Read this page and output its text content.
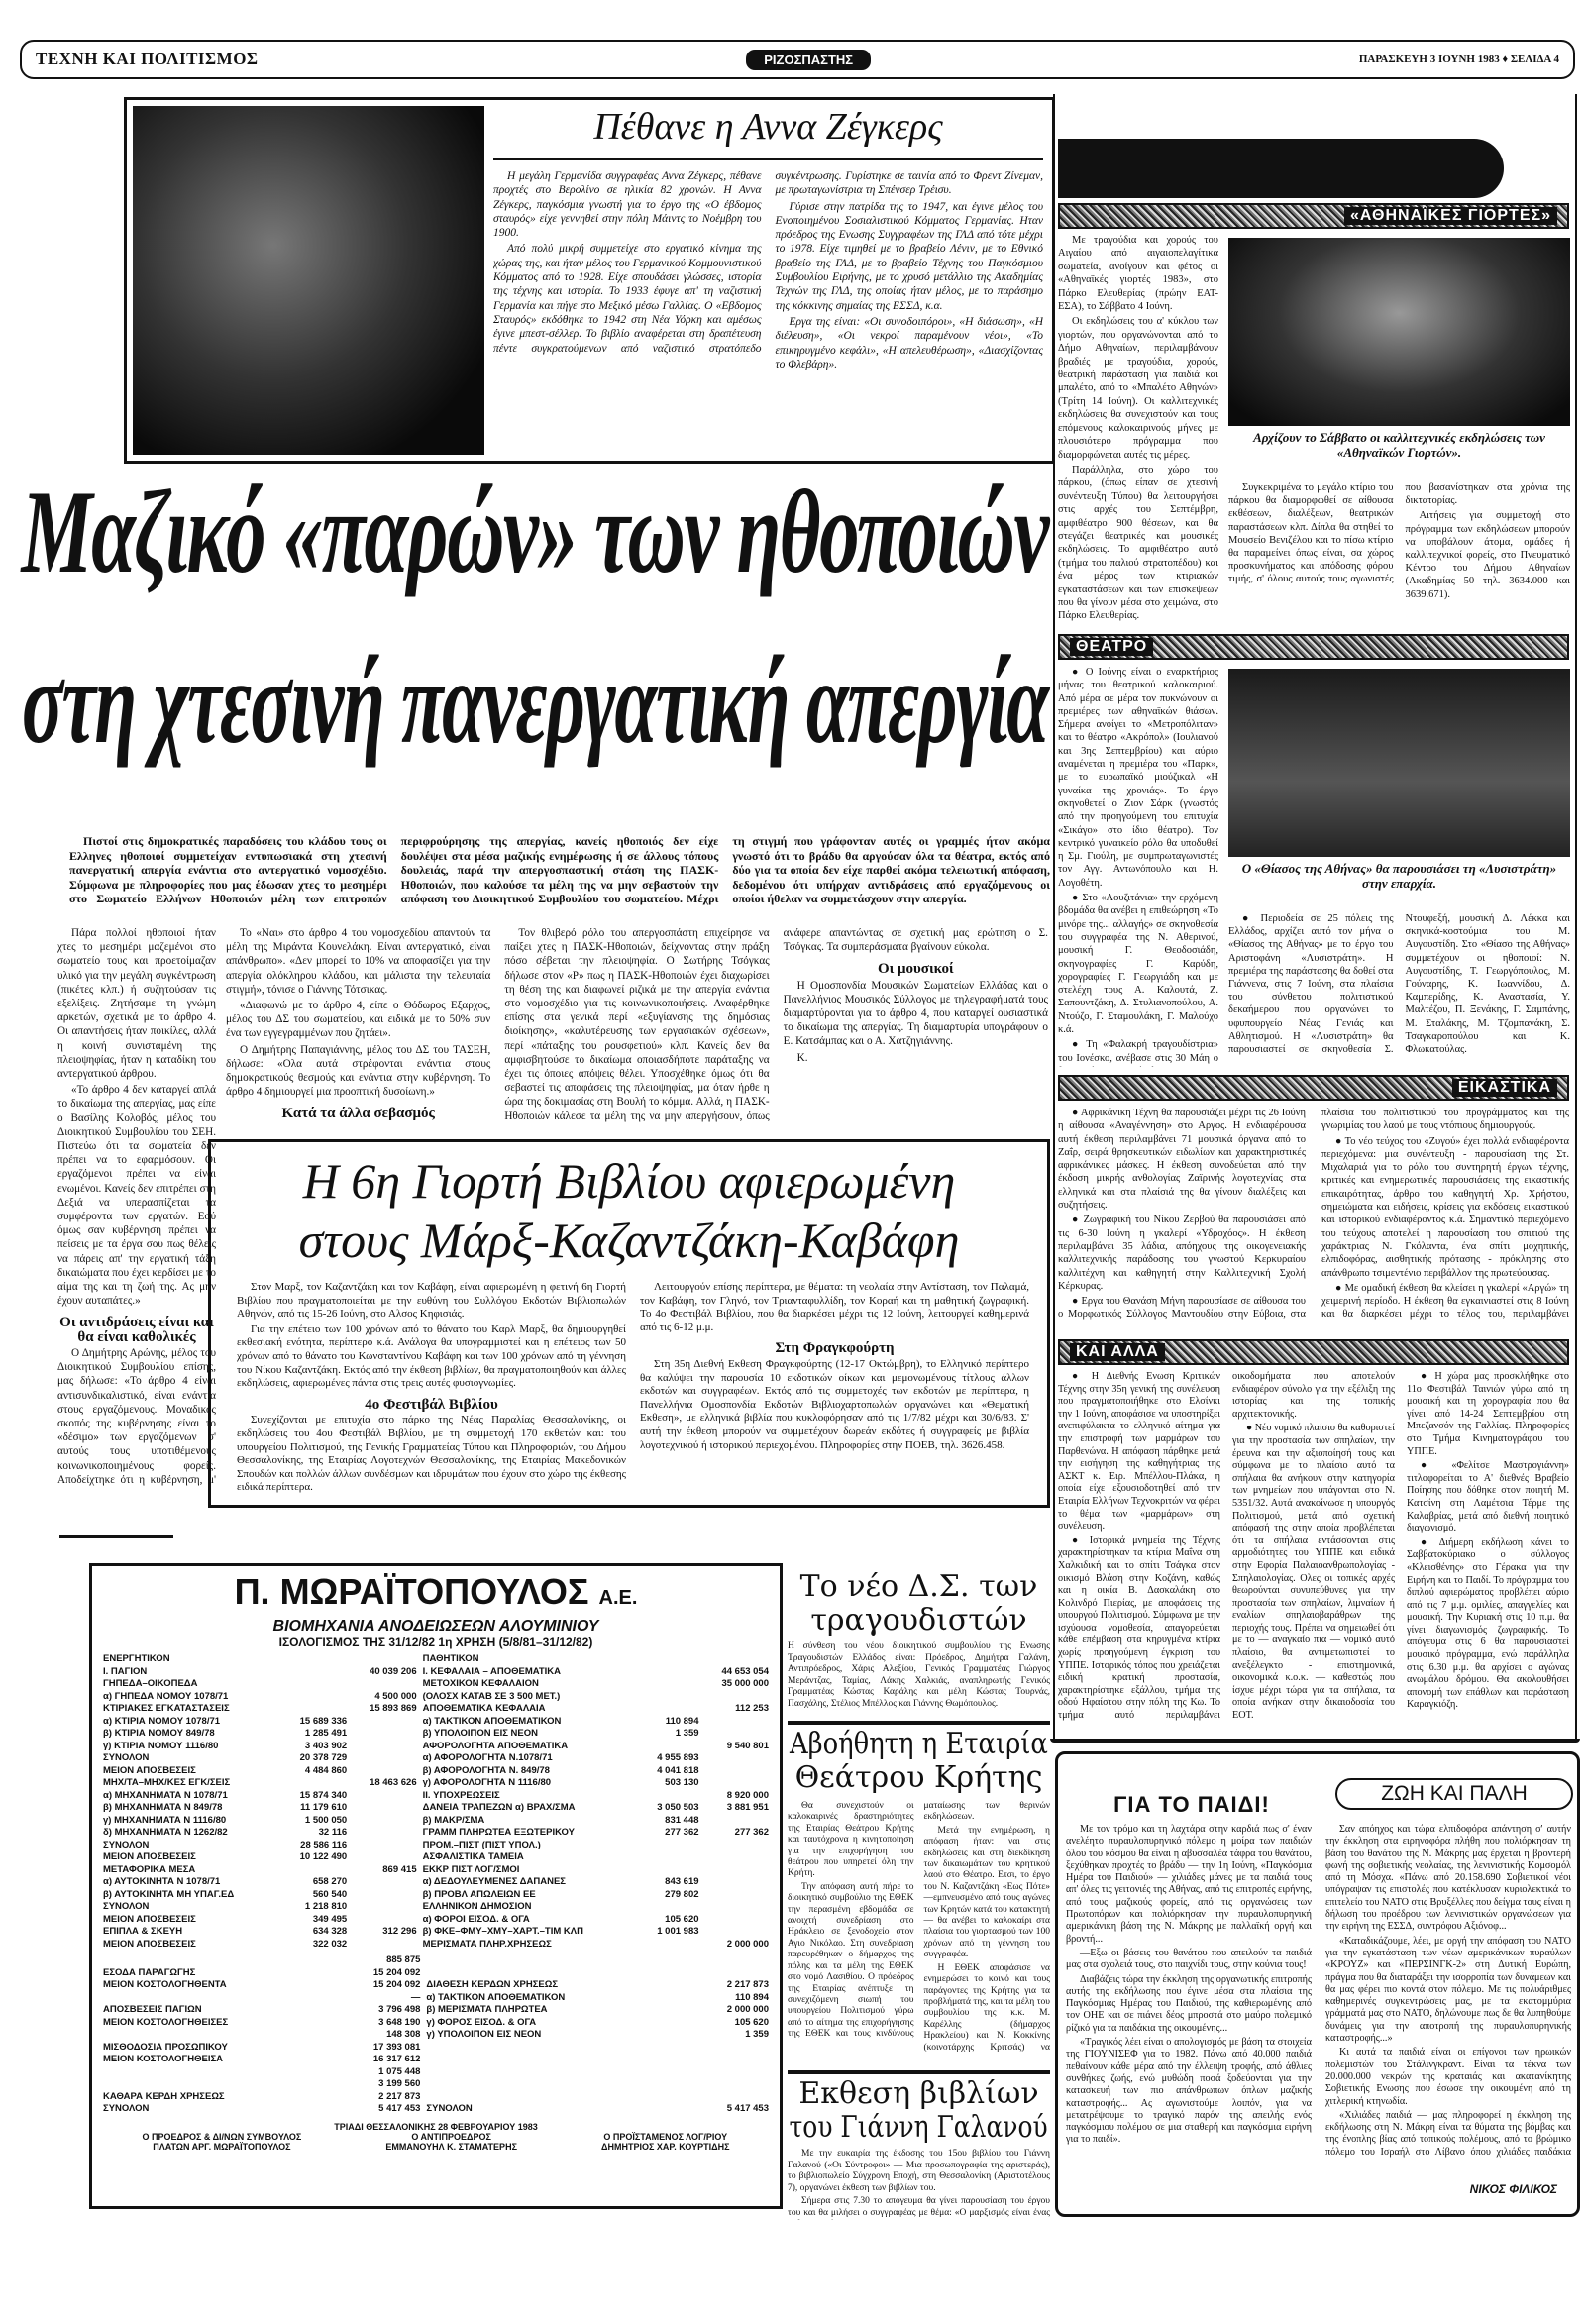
ΤΕΧΝΗ ΚΑΙ ΠΟΛΙΤΙΣΜΟΣ	ΡΙΖΟΣΠΑΣΤΗΣ	ΠΑΡΑΣΚΕΥΗ 3 ΙΟΥΝΗ 1983 ♦ ΣΕΛΙΔΑ 4
Πέθανε η Αννα Ζέγκερς

Η μεγάλη Γερμανίδα συγγραφέας Αννα Ζέγκερς, πέθανε προχτές στο Βερολίνο σε ηλικία 82 χρονών. Η Αννα Ζέγκερς, παγκόσμια γνωστή για το έργο της «Ο έβδομος σταυρός» είχε γεννηθεί στην πόλη Μάιντς το Νοέμβρη του 1900.

Από πολύ μικρή συμμετείχε στο εργατικό κίνημα της χώρας της, και ήταν μέλος του Γερμανικού Κομμουνιστικού Κόμματος από το 1928. Είχε σπουδάσει γλώσσες, ιστορία της τέχνης και ιστορία. Το 1933 έφυγε απ' τη ναζιστική Γερμανία και πήγε στο Μεξικό μέσω Γαλλίας. Ο «Εβδομος Σταυρός» εκδόθηκε το 1942 στη Νέα Υόρκη και αμέσως έγινε μπεστ-σέλλερ. Το βιβλίο αναφέρεται στη δραπέτευση πέντε συγκρατούμενων από ναζιστικό στρατόπεδο συγκέντρωσης. Γυρίστηκε σε ταινία από το Φρεντ Ζίνεμαν, με πρωταγωνίστρια τη Σπένσερ Τρέισυ.

Γύρισε στην πατρίδα της το 1947, και έγινε μέλος του Ενοποιημένου Σοσιαλιστικού Κόμματος Γερμανίας. Ηταν πρόεδρος της Ενωσης Συγγραφέων της ΓΛΔ από τότε μέχρι το 1978. Είχε τιμηθεί με το βραβείο Λένιν, με το Εθνικό βραβείο της ΓΛΔ, με το βραβείο Τέχνης του Παγκόσμιου Συμβουλίου Ειρήνης, με το χρυσό μετάλλιο της Ακαδημίας Τεχνών της ΓΛΔ, της οποίας ήταν μέλος, με το παράσημο της κόκκινης σημαίας της ΕΣΣΔ, κ.α.

Εργα της είναι: «Οι συνοδοιπόροι», «Η διάσωση», «Η διέλευση», «Οι νεκροί παραμένουν νέοι», «Το επικηρυγμένο κεφάλι», «Η απελευθέρωση», «Διασχίζοντας το Φλεβάρη».

Μαζικό «παρών» των ηθοποιών
στη χτεσινή πανεργατική απεργία

Πιστοί στις δημοκρατικές παραδόσεις του κλάδου τους οι Ελληνες ηθοποιοί συμμετείχαν εντυπωσιακά στη χτεσινή πανεργατική απεργία ενάντια στο αντεργατικό νομοσχέδιο. Σύμφωνα με πληροφορίες που μας έδωσαν χτες το μεσημέρι στο Σωματείο Ελλήνων Ηθοποιών μέλη των επιτροπών περιφρούρησης της απεργίας, κανείς ηθοποιός δεν είχε δουλέψει στα μέσα μαζικής ενημέρωσης ή σε άλλους τόπους δουλειάς, παρά την απεργοσπαστική στάση της ΠΑΣΚ-Ηθοποιών, που καλούσε τα μέλη της να μην σεβαστούν την απόφαση του Διοικητικού Συμβουλίου του σωματείου. Μέχρι τη στιγμή που γράφονταν αυτές οι γραμμές ήταν ακόμα γνωστό ότι το βράδυ θα αργούσαν όλα τα θέατρα, εκτός από δύο για τα οποία δεν είχε παρθεί ακόμα τελειωτική απόφαση, δεδομένου ότι υπήρχαν αντιδράσεις από εργαζόμενους οι οποίοι ήθελαν να συμμετάσχουν στην απεργία.

Πάρα πολλοί ηθοποιοί ήταν χτες το μεσημέρι μαζεμένοι στο σωματείο τους και προετοίμαζαν υλικό για την μεγάλη συγκέντρωση (πικέτες κλπ.) ή συζητούσαν τις εξελίξεις. Ζητήσαμε τη γνώμη αρκετών, σχετικά με το άρθρο 4. Οι απαντήσεις ήταν ποικίλες, αλλά η κοινή συνισταμένη της πλειοψηφίας, ήταν η καταδίκη του αντεργατικού άρθρου.

«Το άρθρο 4 δεν καταργεί απλά το δικαίωμα της απεργίας, μας είπε ο Βασίλης Κολοβός, μέλος του Διοικητικού Συμβουλίου του ΣΕΗ. Πιστεύω ότι τα σωματεία δεν πρέπει να το εφαρμόσουν. Οι εργαζόμενοι πρέπει να είναι ενωμένοι. Κανείς δεν επιτρέπει στη Δεξιά να υπερασπίζεται τα συμφέροντα των εργατών. Εσύ όμως σαν κυβέρνηση πρέπει να πείσεις με τα έργα σου πως θέλεις να πάρεις απ' την εργατική τάξη δικαιώματα που έχει κερδίσει με το αίμα της και τη ζωή της. Ας μην έχουν αυταπάτες.»

Οι αντιδράσεις είναι και θα είναι καθολικές

Ο Δημήτρης Αρώνης, μέλος του Διοικητικού Συμβουλίου επίσης, μας δήλωσε: «Το άρθρο 4 είναι αντισυνδικαλιστικό, είναι ενάντια στους εργαζόμενους. Μοναδικός σκοπός της κυβέρνησης είναι το «δέσιμο» των εργαζόμενων σ' αυτούς τους υποτιθέμενους κοινωνικοποιημένους φορείς. Αποδείχτηκε ότι η κυβέρνηση, μ'

Το «Ναι» στο άρθρο 4 του νομοσχεδίου απαντούν τα μέλη της Μιράντα Κουνελάκη. Είναι αντεργατικό, είναι απάνθρωπο». «Δεν μπορεί το 10% να αποφασίζει για την απεργία ολόκληρου κλάδου, και μάλιστα την τελευταία στιγμή», τόνισε ο Γιάννης Τότσικας.

«Διαφωνώ με το άρθρο 4, είπε ο Θόδωρος Εξαρχος, μέλος του ΔΣ του σωματείου, και ειδικά με το 50% συν ένα των εγγεγραμμένων που ζητάει».

Ο Δημήτρης Παπαγιάννης, μέλος του ΔΣ του ΤΑΣΕΗ, δήλωσε: «Ολα αυτά στρέφονται ενάντια στους δημοκρατικούς θεσμούς και ενάντια στην κυβέρνηση. Το άρθρο 4 δημιουργεί μια προοπτική δυσοίωνη.»

Κατά τα άλλα σεβασμός

Τον θλιβερό ρόλο του απεργοσπάστη επιχείρησε να παίξει χτες η ΠΑΣΚ-Ηθοποιών, δείχνοντας στην πράξη πόσο σέβεται την πλειοψηφία. Ο Σωτήρης Τσόγκας δήλωσε στον «Ρ» πως η ΠΑΣΚ-Ηθοποιών έχει διαχωρίσει τη θέση της και διαφωνεί ριζικά με την απεργία ενάντια στο νομοσχέδιο για τις κοινωνικοποιήσεις. Αναφέρθηκε επίσης στα γενικά περί «εξυγίανσης της δημόσιας διοίκησης», «καλυτέρευσης των εργασιακών σχέσεων», περί «πάταξης του ρουσφετιού» κλπ. Κανείς δεν θα αμφισβητούσε το δικαίωμα οποιασδήποτε παράταξης να έχει τις όποιες απόψεις θέλει. Υποσχέθηκε όμως ότι θα σεβαστεί τις αποφάσεις της πλειοψηφίας, μα όταν ήρθε η ώρα της δοκιμασίας στη Βουλή το κόμμα. Αλλά, η ΠΑΣΚ-Ηθοποιών κάλεσε τα μέλη της να μην απεργήσουν, όπως ανάφερε απαντώντας σε σχετική μας ερώτηση ο Σ. Τσόγκας. Τα συμπεράσματα βγαίνουν εύκολα.

Οι μουσικοί

Η Ομοσπονδία Μουσικών Σωματείων Ελλάδας και ο Πανελλήνιος Μουσικός Σύλλογος με τηλεγραφήματά τους διαμαρτύρονται για το άρθρο 4, που καταργεί ουσιαστικά το δικαίωμα της απεργίας. Τη διαμαρτυρία υπογράφουν ο Ε. Κατσάμπας και ο Α. Χατζηγιάννης.

Κ.

Η 6η Γιορτή Βιβλίου αφιερωμένη
στους Μάρξ-Καζαντζάκη-Καβάφη

Στον Μαρξ, τον Καζαντζάκη και τον Καβάφη, είναι αφιερωμένη η φετινή 6η Γιορτή Βιβλίου που πραγματοποιείται με την ευθύνη του Συλλόγου Εκδοτών Βιβλιοπωλών Αθηνών, από τις 15-26 Ιούνη, στο Αλσος Κηφισιάς.

Για την επέτειο των 100 χρόνων από το θάνατο του Καρλ Μαρξ, θα δημιουργηθεί εκθεσιακή ενότητα, περίπτερο κ.ά. Ανάλογα θα υπογραμμιστεί και η επέτειος των 50 χρόνων από το θάνατο του Κωνσταντίνου Καβάφη και των 100 χρόνων από τη γέννηση του Νίκου Καζαντζάκη. Εκτός από την έκθεση βιβλίων, θα πραγματοποιηθούν και άλλες εκδηλώσεις, αφιερωμένες πάντα στις τρεις αυτές φυσιογνωμίες.

4ο Φεστιβάλ Βιβλίου

Συνεχίζονται με επιτυχία στο πάρκο της Νέας Παραλίας Θεσσαλονίκης, οι εκδηλώσεις του 4ου Φεστιβάλ Βιβλίου, με τη συμμετοχή 170 εκθετών και: του υπουργείου Πολιτισμού, της Γενικής Γραμματείας Τύπου και Πληροφοριών, του Δήμου Θεσσαλονίκης, της Εταιρίας Λογοτεχνών Θεσσαλονίκης, της Εταιρίας Μακεδονικών Σπουδών και πολλών άλλων συνδέσμων και ιδρυμάτων που έχουν στο χώρο της έκθεσης ειδικά περίπτερα.

Λειτουργούν επίσης περίπτερα, με θέματα: τη νεολαία στην Αντίσταση, τον Παλαμά, τον Καβάφη, τον Γληνό, τον Τριανταφυλλίδη, τον Κοραή και τη μαθητική ζωγραφική. Το 4ο Φεστιβάλ Βιβλίου, που θα διαρκέσει μέχρι τις 12 Ιούνη, λειτουργεί καθημερινά από τις 6-12 μ.μ.

Στη Φραγκφούρτη

Στη 35η Διεθνή Εκθεση Φραγκφούρτης (12-17 Οκτώμβρη), το Ελληνικό περίπτερο θα καλύψει την παρουσία 10 εκδοτικών οίκων και μεμονωμένους τίτλους άλλων εκδοτών και συγγραφέων. Εκτός από τις συμμετοχές των εκδοτών με περίπτερα, η Πανελλήνια Ομοσπονδία Εκδοτών Βιβλιοχαρτοπωλών οργανώνει και «Θεματική Εκθεση», με ελληνικά βιβλία που κυκλοφόρησαν από τις 1/7/82 μέχρι και 30/6/83. Σ' αυτή την έκθεση μπορούν να συμμετέχουν δωρεάν εκδότες ή συγγραφείς με βιβλία λογοτεχνικού ή ιστορικού περιεχομένου. Πληροφορίες στην ΠΟΕΒ, τηλ. 3626.458.

Π. ΜΩΡΑΪΤΟΠΟΥΛΟΣ Α.Ε.
ΒΙΟΜΗΧΑΝΙΑ ΑΝΟΔΕΙΩΣΕΩΝ ΑΛΟΥΜΙΝΙΟΥ
ΙΣΟΛΟΓΙΣΜΟΣ ΤΗΣ 31/12/82 1η ΧΡΗΣΗ (5/8/81–31/12/82)
ΕΝΕΡΓΗΤΙΚΟΝ			ΠΑΘΗΤΙΚΟΝ		
I. ΠΑΓΙΟΝ		40 039 206	I. ΚΕΦΑΛΑΙΑ – ΑΠΟΘΕΜΑΤΙΚΑ		44 653 054
ΓΗΠΕΔΑ–ΟΙΚΟΠΕΔΑ			ΜΕΤΟΧΙΚΟΝ ΚΕΦΑΛΑΙΟΝ		35 000 000
α) ΓΗΠΕΔΑ ΝΟΜΟΥ 1078/71		4 500 000	(ΟΛΟΣΧ ΚΑΤΑΒ ΣΕ 3 500 ΜΕΤ.)		
ΚΤΙΡΙΑΚΕΣ ΕΓΚΑΤΑΣΤΑΣΕΙΣ		15 893 869	ΑΠΟΘΕΜΑΤΙΚΑ ΚΕΦΑΛΑΙΑ		112 253
α) ΚΤΙΡΙΑ ΝΟΜΟΥ 1078/71	15 689 336		α) ΤΑΚΤΙΚΟΝ ΑΠΟΘΕΜΑΤΙΚΟΝ	110 894	
β) ΚΤΙΡΙΑ ΝΟΜΟΥ 849/78	1 285 491		β) ΥΠΟΛΟΙΠΟΝ ΕΙΣ ΝΕΟΝ	1 359	
γ) ΚΤΙΡΙΑ ΝΟΜΟΥ 1116/80	3 403 902		ΑΦΟΡΟΛΟΓΗΤΑ ΑΠΟΘΕΜΑΤΙΚΑ		9 540 801
ΣΥΝΟΛΟΝ	20 378 729		α) ΑΦΟΡΟΛΟΓΗΤΑ Ν.1078/71	4 955 893	
ΜΕΙΟΝ ΑΠΟΣΒΕΣΕΙΣ	4 484 860		β) ΑΦΟΡΟΛΟΓΗΤΑ Ν. 849/78	4 041 818	
ΜΗΧ/ΤΑ–ΜΗΧ/ΚΕΣ ΕΓΚ/ΣΕΙΣ		18 463 626	γ) ΑΦΟΡΟΛΟΓΗΤΑ Ν 1116/80	503 130	
α) ΜΗΧΑΝΗΜΑΤΑ Ν 1078/71	15 874 340		II. ΥΠΟΧΡΕΩΣΕΙΣ		8 920 000
β) ΜΗΧΑΝΗΜΑΤΑ Ν 849/78	11 179 610		ΔΑΝΕΙΑ ΤΡΑΠΕΖΩΝ α) ΒΡΑΧ/ΣΜΑ	3 050 503	3 881 951
γ) ΜΗΧΑΝΗΜΑΤΑ Ν 1116/80	1 500 050		β) ΜΑΚΡ/ΣΜΑ	831 448	
δ) ΜΗΧΑΝΗΜΑΤΑ Ν 1262/82	32 116		ΓΡΑΜΜ ΠΛΗΡΩΤΕΑ ΕΞΩΤΕΡΙΚΟΥ	277 362	277 362
ΣΥΝΟΛΟΝ	28 586 116		ΠΡΟΜ.–ΠΙΣΤ (ΠΙΣΤ ΥΠΟΛ.)		
ΜΕΙΟΝ ΑΠΟΣΒΕΣΕΙΣ	10 122 490		ΑΣΦΑΛΙΣΤΙΚΑ ΤΑΜΕΙΑ		
ΜΕΤΑΦΟΡΙΚΑ ΜΕΣΑ		869 415	ΕΚΚΡ ΠΙΣΤ ΛΟΓ/ΣΜΟΙ		
α) ΑΥΤΟΚΙΝΗΤΑ Ν 1078/71	658 270		α) ΔΕΔΟΥΛΕΥΜΕΝΕΣ ΔΑΠΑΝΕΣ	843 619	
β) ΑΥΤΟΚΙΝΗΤΑ ΜΗ ΥΠΑΓ.ΕΔ	560 540		β) ΠΡΟΒΛ ΑΠΩΛΕΙΩΝ ΕΕ	279 802	
ΣΥΝΟΛΟΝ	1 218 810		ΕΛΛΗΝΙΚΟΝ ΔΗΜΟΣΙΟΝ		
ΜΕΙΟΝ ΑΠΟΣΒΕΣΕΙΣ	349 495		α) ΦΟΡΟΙ ΕΙΣΟΔ. & ΟΓΑ	105 620	
ΕΠΙΠΛΑ & ΣΚΕΥΗ	634 328	312 296	β) ΦΚΕ–ΦΜΥ–ΧΜΥ–ΧΑΡΤ.–ΤΙΜ ΚΛΠ	1 001 983	
ΜΕΙΟΝ ΑΠΟΣΒΕΣΕΙΣ	322 032		ΜΕΡΙΣΜΑΤΑ ΠΛΗΡ.ΧΡΗΣΕΩΣ		2 000 000
	885 875			
ΕΣΟΔΑ ΠΑΡΑΓΩΓΗΣ	15 204 092			
ΜΕΙΟΝ ΚΟΣΤΟΛΟΓΗΘΕΝΤΑ	15 204 092	ΔΙΑΘΕΣΗ ΚΕΡΔΩΝ ΧΡΗΣΕΩΣ		2 217 873
	—	α) ΤΑΚΤΙΚΟΝ ΑΠΟΘΕΜΑΤΙΚΟΝ		110 894
ΑΠΟΣΒΕΣΕΙΣ ΠΑΓΙΩΝ	3 796 498	β) ΜΕΡΙΣΜΑΤΑ ΠΛΗΡΩΤΕΑ		2 000 000
ΜΕΙΟΝ ΚΟΣΤΟΛΟΓΗΘΕΙΣΕΣ	3 648 190	γ) ΦΟΡΟΣ ΕΙΣΟΔ. & ΟΓΑ		105 620
	148 308	γ) ΥΠΟΛΟΙΠΟΝ ΕΙΣ ΝΕΟΝ		1 359
ΜΙΣΘΟΔΟΣΙΑ ΠΡΟΣΩΠΙΚΟΥ	17 393 081			
ΜΕΙΟΝ ΚΟΣΤΟΛΟΓΗΘΕΙΣΑ	16 317 612			
	1 075 448			
	3 199 560			
ΚΑΘΑΡΑ ΚΕΡΔΗ ΧΡΗΣΕΩΣ	2 217 873			
ΣΥΝΟΛΟΝ	5 417 453	ΣΥΝΟΛΟΝ		5 417 453
ΤΡΙΑΔΙ ΘΕΣΣΑΛΟΝΙΚΗΣ 28 ΦΕΒΡΟΥΑΡΙΟΥ 1983
Ο ΠΡΟΕΔΡΟΣ & ΔΙ/ΝΩΝ ΣΥΜΒΟΥΛΟΣ
ΠΛΑΤΩΝ ΑΡΓ. ΜΩΡΑΪΤΟΠΟΥΛΟΣ
Ο ΑΝΤΙΠΡΟΕΔΡΟΣ
ΕΜΜΑΝΟΥΗΛ Κ. ΣΤΑΜΑΤΕΡΗΣ
Ο ΠΡΟΪΣΤΑΜΕΝΟΣ ΛΟΓ/ΡΙΟΥ
ΔΗΜΗΤΡΙΟΣ ΧΑΡ. ΚΟΥΡΤΙΔΗΣ
Το νέο Δ.Σ. των
τραγουδιστών
Η σύνθεση του νέου διοικητικού συμβουλίου της Ενωσης Τραγουδιστών Ελλάδος είναι: Πρόεδρος, Δημήτρα Γαλάνη, Αντιπρόεδρος, Χάρις Αλεξίου, Γενικός Γραμματέας Γιώργος Μεράντζας, Ταμίας, Λάκης Χαλκιάς, αναπληρωτής Γενικός Γραμματέας Κώστας Καράλης και μέλη Κώστας Τουρνάς, Πασχάλης, Στέλιος Μπέλλος και Γιάννης Θωμόπουλος.
Αβοήθητη η Εταιρία
Θεάτρου Κρήτης

Θα συνεχιστούν οι καλοκαιρινές δραστηριότητες της Εταιρίας Θεάτρου Κρήτης και ταυτόχρονα η κινητοποίηση για την επιχορήγηση του θεάτρου που υπηρετεί όλη την Κρήτη.

Την απόφαση αυτή πήρε το διοικητικό συμβούλιο της ΕΘΕΚ την περασμένη εβδομάδα σε ανοιχτή συνεδρίαση στο Ηράκλειο σε ξενοδοχείο στον Αγιο Νικόλαο. Στη συνεδρίαση παρευρέθηκαν ο δήμαρχος της πόλης και τα μέλη της ΕΘΕΚ στο νομό Λασιθίου. Ο πρόεδρος της Εταιρίας ανέπτυξε τη συνεχιζόμενη σιωπή του υπουργείου Πολιτισμού γύρω από το αίτημα της επιχορήγησης της ΕΘΕΚ και τους κινδύνους ματαίωσης των θερινών εκδηλώσεων.

Μετά την ενημέρωση, η απόφαση ήταν: ναι στις εκδηλώσεις και στη διεκδίκηση των δικαιωμάτων του κρητικού λαού στο Θέατρο. Ετσι, το έργο του Ν. Καζαντζάκη «Εως Πότε» —εμπνευσμένο από τους αγώνες των Κρητών κατά του κατακτητή— θα ανέβει το καλοκαίρι στα πλαίσια του γιορτασμού των 100 χρόνων από τη γέννηση του συγγραφέα.

Η ΕΘΕΚ αποφάσισε να ενημερώσει το κοινό και τους παράγοντες της Κρήτης για τα προβλήματά της, και τα μέλη του συμβουλίου της κ.κ. Μ. Καρέλλης (δήμαρχος Ηρακλείου) και Ν. Κοκκίνης (κοινοτάρχης Κριτσάς) να

Εκθεση βιβλίων
του Γιάννη Γαλανού

Με την ευκαιρία της έκδοσης του 15ου βιβλίου του Γιάννη Γαλανού («Οι Σύντροφοι» — Μια προσωπογραφία της αριστεράς), το βιβλιοπωλείο Σύγχρονη Εποχή, στη Θεσσαλονίκη (Αριστοτέλους 7), οργανώνει έκθεση των βιβλίων του.

Σήμερα στις 7.30 το απόγευμα θα γίνει παρουσίαση του έργου του και θα μιλήσει ο συγγραφέας με θέμα: «Ο μαρξισμός είναι ένας

«ΑΘΗΝΑΪΚΕΣ ΓΙΟΡΤΕΣ»

Με τραγούδια και χορούς του Αιγαίου από αιγαιοπελαγίτικα σωματεία, ανοίγουν και φέτος οι «Αθηναϊκές γιορτές 1983», στο Πάρκο Ελευθερίας (πρώην ΕΑΤ-ΕΣΑ), το Σάββατο 4 Ιούνη.

Οι εκδηλώσεις του α' κύκλου των γιορτών, που οργανώνονται από το Δήμο Αθηναίων, περιλαμβάνουν βραδιές με τραγούδια, χορούς, θεατρική παράσταση για παιδιά και μπαλέτο, από το «Μπαλέτο Αθηνών» (Τρίτη 14 Ιούνη). Οι καλλιτεχνικές εκδηλώσεις θα συνεχιστούν και τους επόμενους καλοκαιρινούς μήνες με πλουσιότερο πρόγραμμα που διαμορφώνεται αυτές τις μέρες.

Παράλληλα, στο χώρο του πάρκου, (όπως είπαν σε χτεσινή συνέντευξη Τύπου) θα λειτουργήσει στις αρχές του Σεπτέμβρη, αμφιθέατρο 900 θέσεων, και θα στεγάζει θεατρικές και μουσικές εκδηλώσεις. Το αμφιθέατρο αυτό (τμήμα του παλιού στρατοπέδου) και ένα μέρος των κτιριακών εγκαταστάσεων και των επισκεψεων που θα γίνουν μέσα στο χειμώνα, στο Πάρκο Ελευθερίας.

Αρχίζουν το Σάββατο οι καλλιτεχνικές εκδηλώσεις των «Αθηναϊκών Γιορτών».

Συγκεκριμένα το μεγάλο κτίριο του πάρκου θα διαμορφωθεί σε αίθουσα εκθέσεων, διαλέξεων, θεατρικών παραστάσεων κλπ. Δίπλα θα στηθεί το Μουσείο Βενιζέλου και το πίσω κτίριο θα παραμείνει όπως είναι, σα χώρος προσκυνήματος και απόδοσης φόρου τιμής, σ' όλους αυτούς τους αγωνιστές που βασανίστηκαν στα χρόνια της δικτατορίας.

Αιτήσεις για συμμετοχή στο πρόγραμμα των εκδηλώσεων μπορούν να υποβάλουν άτομα, ομάδες ή καλλιτεχνικοί φορείς, στο Πνευματικό Κέντρο του Δήμου Αθηναίων (Ακαδημίας 50 τηλ. 3634.000 και 3639.671).

ΘΕΑΤΡΟ

● Ο Ιούνης είναι ο εναρκτήριος μήνας του θεατρικού καλοκαιριού. Από μέρα σε μέρα τον πυκνώνουν οι πρεμιέρες των αθηναϊκών θιάσων. Σήμερα ανοίγει το «Μετροπόλιταν» και το θέατρο «Ακρόπολ» (Ιουλιανού και 3ης Σεπτεμβρίου) και αύριο αναμένεται η πρεμιέρα του «Παρκ», με το ευρωπαϊκό μιούζικαλ «Η γυναίκα της χρονιάς». Το έργο σκηνοθετεί ο Ζιον Σάρκ (γνωστός από την προηγούμενη του επιτυχία «Σικάγο» στο ίδιο θέατρο). Τον κεντρικό γυναικείο ρόλο θα υποδυθεί η Σμ. Γιούλη, με συμπρωταγωνιστές τον Αγγ. Αντωνόπουλο και Η. Λογοθέτη.

● Στο «Λουζιτάνια» την ερχόμενη βδομάδα θα ανέβει η επιθεώρηση «Το μινόρε της... αλλαγής» σε σκηνοθεσία του συγγραφέα της Ν. Αθερινού, μουσική Γ. Θεοδοσιάδη, σκηνογραφίες Γ. Καρύδη, χορογραφίες Γ. Γεωργιάδη και με στελέχη τους Α. Καλουτά, Ζ. Σαπουντζάκη, Δ. Στυλιανοπούλου, Α. Ντούζο, Γ. Σταμουλάκη, Γ. Μαλούχο κ.ά.

● Τη «Φαλακρή τραγουδίστρια» του Ιονέσκο, ανέβασε στις 30 Μάη ο

Ο «Θίασος της Αθήνας» θα παρουσιάσει τη «Λυσιστράτη» στην επαρχία.

● Περιοδεία σε 25 πόλεις της Ελλάδος, αρχίζει αυτό τον μήνα ο «Θίασος της Αθήνας» με το έργο του Αριστοφάνη «Λυσιστράτη». Η πρεμιέρα της παράστασης θα δοθεί στα Γιάννενα, στις 7 Ιούνη, στα πλαίσια του σύνθετου πολιτιστικού δεκαήμερου που οργανώνει το υφυπουργείο Νέας Γενιάς και Αθλητισμού. Η «Λυσιστράτη» θα παρουσιαστεί σε σκηνοθεσία Σ. Ντουφεξή, μουσική Δ. Λέκκα και σκηνικά-κοστούμια του Μ. Αυγουστίδη. Στο «Θίασο της Αθήνας» συμμετέχουν οι ηθοποιοί: Ν. Αυγουστίδης, Τ. Γεωργόπουλος, Μ. Γούναρης, Κ. Ιωαννίδου, Δ. Καμπερίδης, Κ. Αναστασία, Υ. Μαλτέζου, Π. Ξενάκης, Γ. Σαμπάνης, Μ. Σταλάκης, Μ. Τζομπανάκη, Σ. Τσαγκαροπούλου και Κ. Φλωκατούλας.

ΕΙΚΑΣΤΙΚΑ

● Αφρικάνικη Τέχνη θα παρουσιάζει μέχρι τις 26 Ιούνη η αίθουσα «Αναγέννηση» στο Αργος. Η ενδιαφέρουσα αυτή έκθεση περιλαμβάνει 71 μουσικά όργανα από το Ζαΐρ, σειρά θρησκευτικών ειδωλίων και χαρακτηριστικές αφρικάνικες μάσκες. Η έκθεση συνοδεύεται από την έκδοση μικρής ανθολογίας Ζαϊρινής λογοτεχνίας στα ελληνικά και στα πλαίσιά της θα γίνουν διαλέξεις και συζητήσεις.

● Ζωγραφική του Νίκου Ζερβού θα παρουσιάσει από τις 6-30 Ιούνη η γκαλερί «Υδροχόος». Η έκθεση περιλαμβάνει 35 λάδια, απόηχους της οικογενειακής καλλιτεχνικής παράδοσης του γνωστού Κερκυραίου καλλιτέχνη και καθηγητή στην Καλλιτεχνική Σχολή Κέρκυρας.

● Εργα του Θανάση Μήνη παρουσίασε σε αίθουσα του ο Μορφωτικός Σύλλογος Μαντουδίου στην Εύβοια, στα πλαίσια του πολιτιστικού του προγράμματος και της γνωριμίας του λαού με τους ντόπιους δημιουργούς.

● Το νέο τεύχος του «Ζυγού» έχει πολλά ενδιαφέροντα περιεχόμενα: μια συνέντευξη - παρουσίαση της Στ. Μιχαλαριά για το ρόλο του συντηρητή έργων τέχνης, κριτικές και ενημερωτικές παρουσιάσεις της εικαστικής επικαιρότητας, άρθρο του καθηγητή Χρ. Χρήστου, σημειώματα και ειδήσεις, κρίσεις για εκδόσεις εικαστικού και ιστορικού ενδιαφέροντος κ.ά. Σημαντικό περιεχόμενο του τεύχους αποτελεί η παρουσίαση του σπιτιού της χαράκτριας Ν. Γκόλαντα, ένα σπίτι μοχηπικής, ελπιδοφόρας, αισθητικής πρότασης - πρόκλησης στο απάνθρωπο τσιμεντένιο περιβάλλον της πρωτεύουσας.

● Με ομαδική έκθεση θα κλείσει η γκαλερί «Αργώ» τη χειμερινή περίοδο. Η έκθεση θα εγκαινιαστεί στις 8 Ιούνη και θα διαρκέσει μέχρι το τέλος του, περιλαμβάνει

ΚΑΙ ΑΛΛΑ

● Η Διεθνής Ενωση Κριτικών Τέχνης στην 35η γενική της συνέλευση που πραγματοποιήθηκε στο Ελσίνκι την 1 Ιούνη, αποφάσισε να υποστηρίξει ανεπιφύλακτα το ελληνικό αίτημα για την επιστροφή των μαρμάρων του Παρθενώνα. Η απόφαση πάρθηκε μετά την εισήγηση της καθηγήτριας της ΑΣΚΤ κ. Ειρ. Μπέλλου-Πλάκα, η οποία είχε εξουσιοδοτηθεί από την Εταιρία Ελλήνων Τεχνοκριτών να φέρει το θέμα των «μαρμάρων» στη συνέλευση.

● Ιστορικά μνημεία της Τέχνης χαρακτηρίστηκαν τα κτίρια Μαΐνα στη Χαλκιδική και το σπίτι Τσάγκα στον οικισμό Βλάση στην Κοζάνη, καθώς και η οικία Β. Δασκαλάκη στο Κολινδρό Πιερίας, με αποφάσεις της υπουργού Πολιτισμού. Σύμφωνα με την ισχύουσα νομοθεσία, απαγορεύεται κάθε επέμβαση στα κηρυγμένα κτίρια χωρίς προηγούμενη έγκριση του ΥΠΠΕ. Ιστορικός τόπος που χρειάζεται ειδική κρατική προστασία, χαρακτηρίστηκε εξάλλου, τμήμα της οδού Ηφαίστου στην πόλη της Κω. Το τμήμα αυτό περιλαμβάνει οικοδομήματα που αποτελούν ενδιαφέρον σύνολο για την εξέλιξη της ιστορίας και της τοπικής αρχιτεκτονικής.

● Νέο νομικό πλαίσιο θα καθοριστεί για την προστασία των σπηλαίων, την έρευνα και την αξιοποίησή τους και σύμφωνα με το πλαίσιο αυτό τα σπήλαια θα ανήκουν στην κατηγορία των μνημείων που υπάγονται στο Ν. 5351/32. Αυτά ανακοίνωσε η υπουργός Πολιτισμού, μετά από σχετική απόφασή της στην οποία προβλέπεται ότι τα σπήλαια εντάσσονται στις αρμοδιότητες του ΥΠΠΕ και ειδικά στην Εφορία Παλαιοανθρωπολογίας - Σπηλαιολογίας. Ολες οι τοπικές αρχές θεωρούνται συνυπεύθυνες για την προστασία των σπηλαίων, λιμναίων ή εναλίων σπηλαιοβαράθρων της περιοχής τους. Πρέπει να σημειωθεί ότι με το — αναγκαίο πια — νομικό αυτό πλαίσιο, θα αντιμετωπιστεί το ανεξέλεγκτο - επιστημονικά, οικονομικά κ.ο.κ. — καθεστώς που ίσχυε μέχρι τώρα για τα σπήλαια, τα οποία ανήκαν στην δικαιοδοσία του ΕΟΤ.

● Η χώρα μας προσκλήθηκε στο 11ο Φεστιβάλ Ταινιών γύρω από τη μουσική και τη χορογραφία που θα γίνει από 14-24 Σεπτεμβρίου στη Μπεζανσόν της Γαλλίας. Πληροφορίες στο Τμήμα Κινηματογράφου του ΥΠΠΕ.

● «Φελίτσε Μαστρογιάννη» τιτλοφορείται το Α' διεθνές Βραβείο Ποίησης που δόθηκε στον ποιητή Μ. Κατσίνη στη Λαμέτσια Τέρμε της Καλαβρίας, μετά από διεθνή ποιητικό διαγωνισμό.

● Διήμερη εκδήλωση κάνει το Σαββατοκύριακο ο σύλλογος «Κλεισθένης» στο Γέρακα για την Ειρήνη και το Παιδί. Το πρόγραμμα του διπλού αφιερώματος προβλέπει αύριο από τις 7 μ.μ. ομιλίες, απαγγελίες και μουσική. Την Κυριακή στις 10 π.μ. θα γίνει διαγωνισμός ζωγραφικής. Το απόγευμα στις 6 θα παρουσιαστεί μουσικό πρόγραμμα, ενώ παράλληλα στις 6.30 μ.μ. θα αρχίσει ο αγώνας ανωμάλου δρόμου. Θα ακολουθήσει απονομή των επάθλων και παράσταση Καραγκιόζη.

ΓΙΑ ΤΟ ΠΑΙΔΙ!	ΖΩΗ ΚΑΙ ΠΑΛΗ

Με τον τρόμο και τη λαχτάρα στην καρδιά πως σ' έναν ανελέητο πυραυλοπυρηνικό πόλεμο η μοίρα των παιδιών όλου του κόσμου θα είναι η αβυσσαλέα τάφρα του θανάτου, ξεχύθηκαν προχτές το βράδυ — την 1η Ιούνη, «Παγκόσμια Ημέρα του Παιδιού» — χιλιάδες μάνες με τα παιδιά τους απ' όλες τις γειτονιές της Αθήνας, από τις επιτροπές ειρήνης, από τους μαζικούς φορείς, από τις οργανώσεις των Πρωτοπόρων και πολιόρκησαν την πυραυλοπυρηνική αμερικάνικη βάση της Ν. Μάκρης με παλλαϊκή οργή και βροντή...

—Εξω οι βάσεις του θανάτου που απειλούν τα παιδιά μας στα σχολειά τους, στο παιχνίδι τους, στην κούνια τους!

Διαβάζεις τώρα την έκκληση της οργανωτικής επιτροπής αυτής της εκδήλωσης που έγινε μέσα στα πλαίσια της Παγκόσμιας Ημέρας του Παιδιού, της καθιερωμένης από τον ΟΗΕ και σε πιάνει δέος μπροστά στο μαύρο πολεμικό ρίζικό για τα παιδάκια της οικουμένης...

«Τραγικός λέει είναι ο απολογισμός με βάση τα στοιχεία της ΓΙΟΥΝΙΣΕΦ για το 1982. Πάνω από 40.000 παιδιά πεθαίνουν κάθε μέρα από την έλλειψη τροφής, από άθλιες συνθήκες ζωής, ενώ μυθώδη ποσά ξοδεύονται για την κατασκευή των πιο απάνθρωπων όπλων μαζικής καταστροφής... Ας αγωνιστούμε λοιπόν, για να μετατρέψουμε το τραγικό παρόν της απειλής ενός παγκόσμιου πολέμου σε μια σταθερή και παγκόσμια ειρήνη για το παιδί».

Σαν απόηχος και τώρα ελπιδοφόρα απάντηση σ' αυτήν την έκκληση στα ειρηνοφόρα πλήθη που πολιόρκησαν τη βάση του θανάτου της Ν. Μάκρης μας έρχεται η βροντερή φωνή της σοβιετικής νεολαίας, της λενινιστικής Κομσομόλ από τη Μόσχα. «Πάνω από 20.158.690 Σοβιετικοί νέοι υπόγραψαν τις επιστολές που κατέκλυσαν κυριολεκτικά το επιτελείο του ΝΑΤΟ στις Βρυξέλλες που δείγμα τους είναι η δήλωση του προέδρου των λενινιστικών οργανώσεων για την ειρήνη της ΕΣΣΔ, συντρόφου Αξιόνοφ...

«Καταδικάζουμε, λέει, με οργή την απόφαση του ΝΑΤΟ για την εγκατάσταση των νέων αμερικάνικων πυραύλων «ΚΡΟΥΖ» και «ΠΕΡΣΙΝΓΚ-2» στη Δυτική Ευρώπη, πράγμα που θα διαταράξει την ισορροπία των δυνάμεων και θα μας φέρει πιο κοντά στον πόλεμο. Με τις πολυάριθμες καθημερινές συγκεντρώσεις μας, με τα εκατομμύρια γράμματά μας στο ΝΑΤΟ, δηλώνουμε πως δε θα λυπηθούμε δυνάμεις για την αποτροπή της πυραυλοπυρηνικής καταστροφής...»

Κι αυτά τα παιδιά είναι οι επίγονοι των ηρωικών πολεμιστών του Στάλινγκραντ. Είναι τα τέκνα των 20.000.000 νεκρών της κραταιάς και ακατανίκητης Σοβιετικής Ενωσης που έσωσε την οικουμένη από τη χιτλερική κτηνωδία.

«Χιλιάδες παιδιά — μας πληροφορεί η έκκληση της εκδήλωσης στη Ν. Μάκρη είναι τα θύματα της βόμβας και της ένοπλης βίας από τοπικούς πολέμους, από το βρώμικο πόλεμο του Ισραήλ στο Λίβανο όπου χιλιάδες παιδάκια

ΝΙΚΟΣ ΦΙΛΙΚΟΣ
